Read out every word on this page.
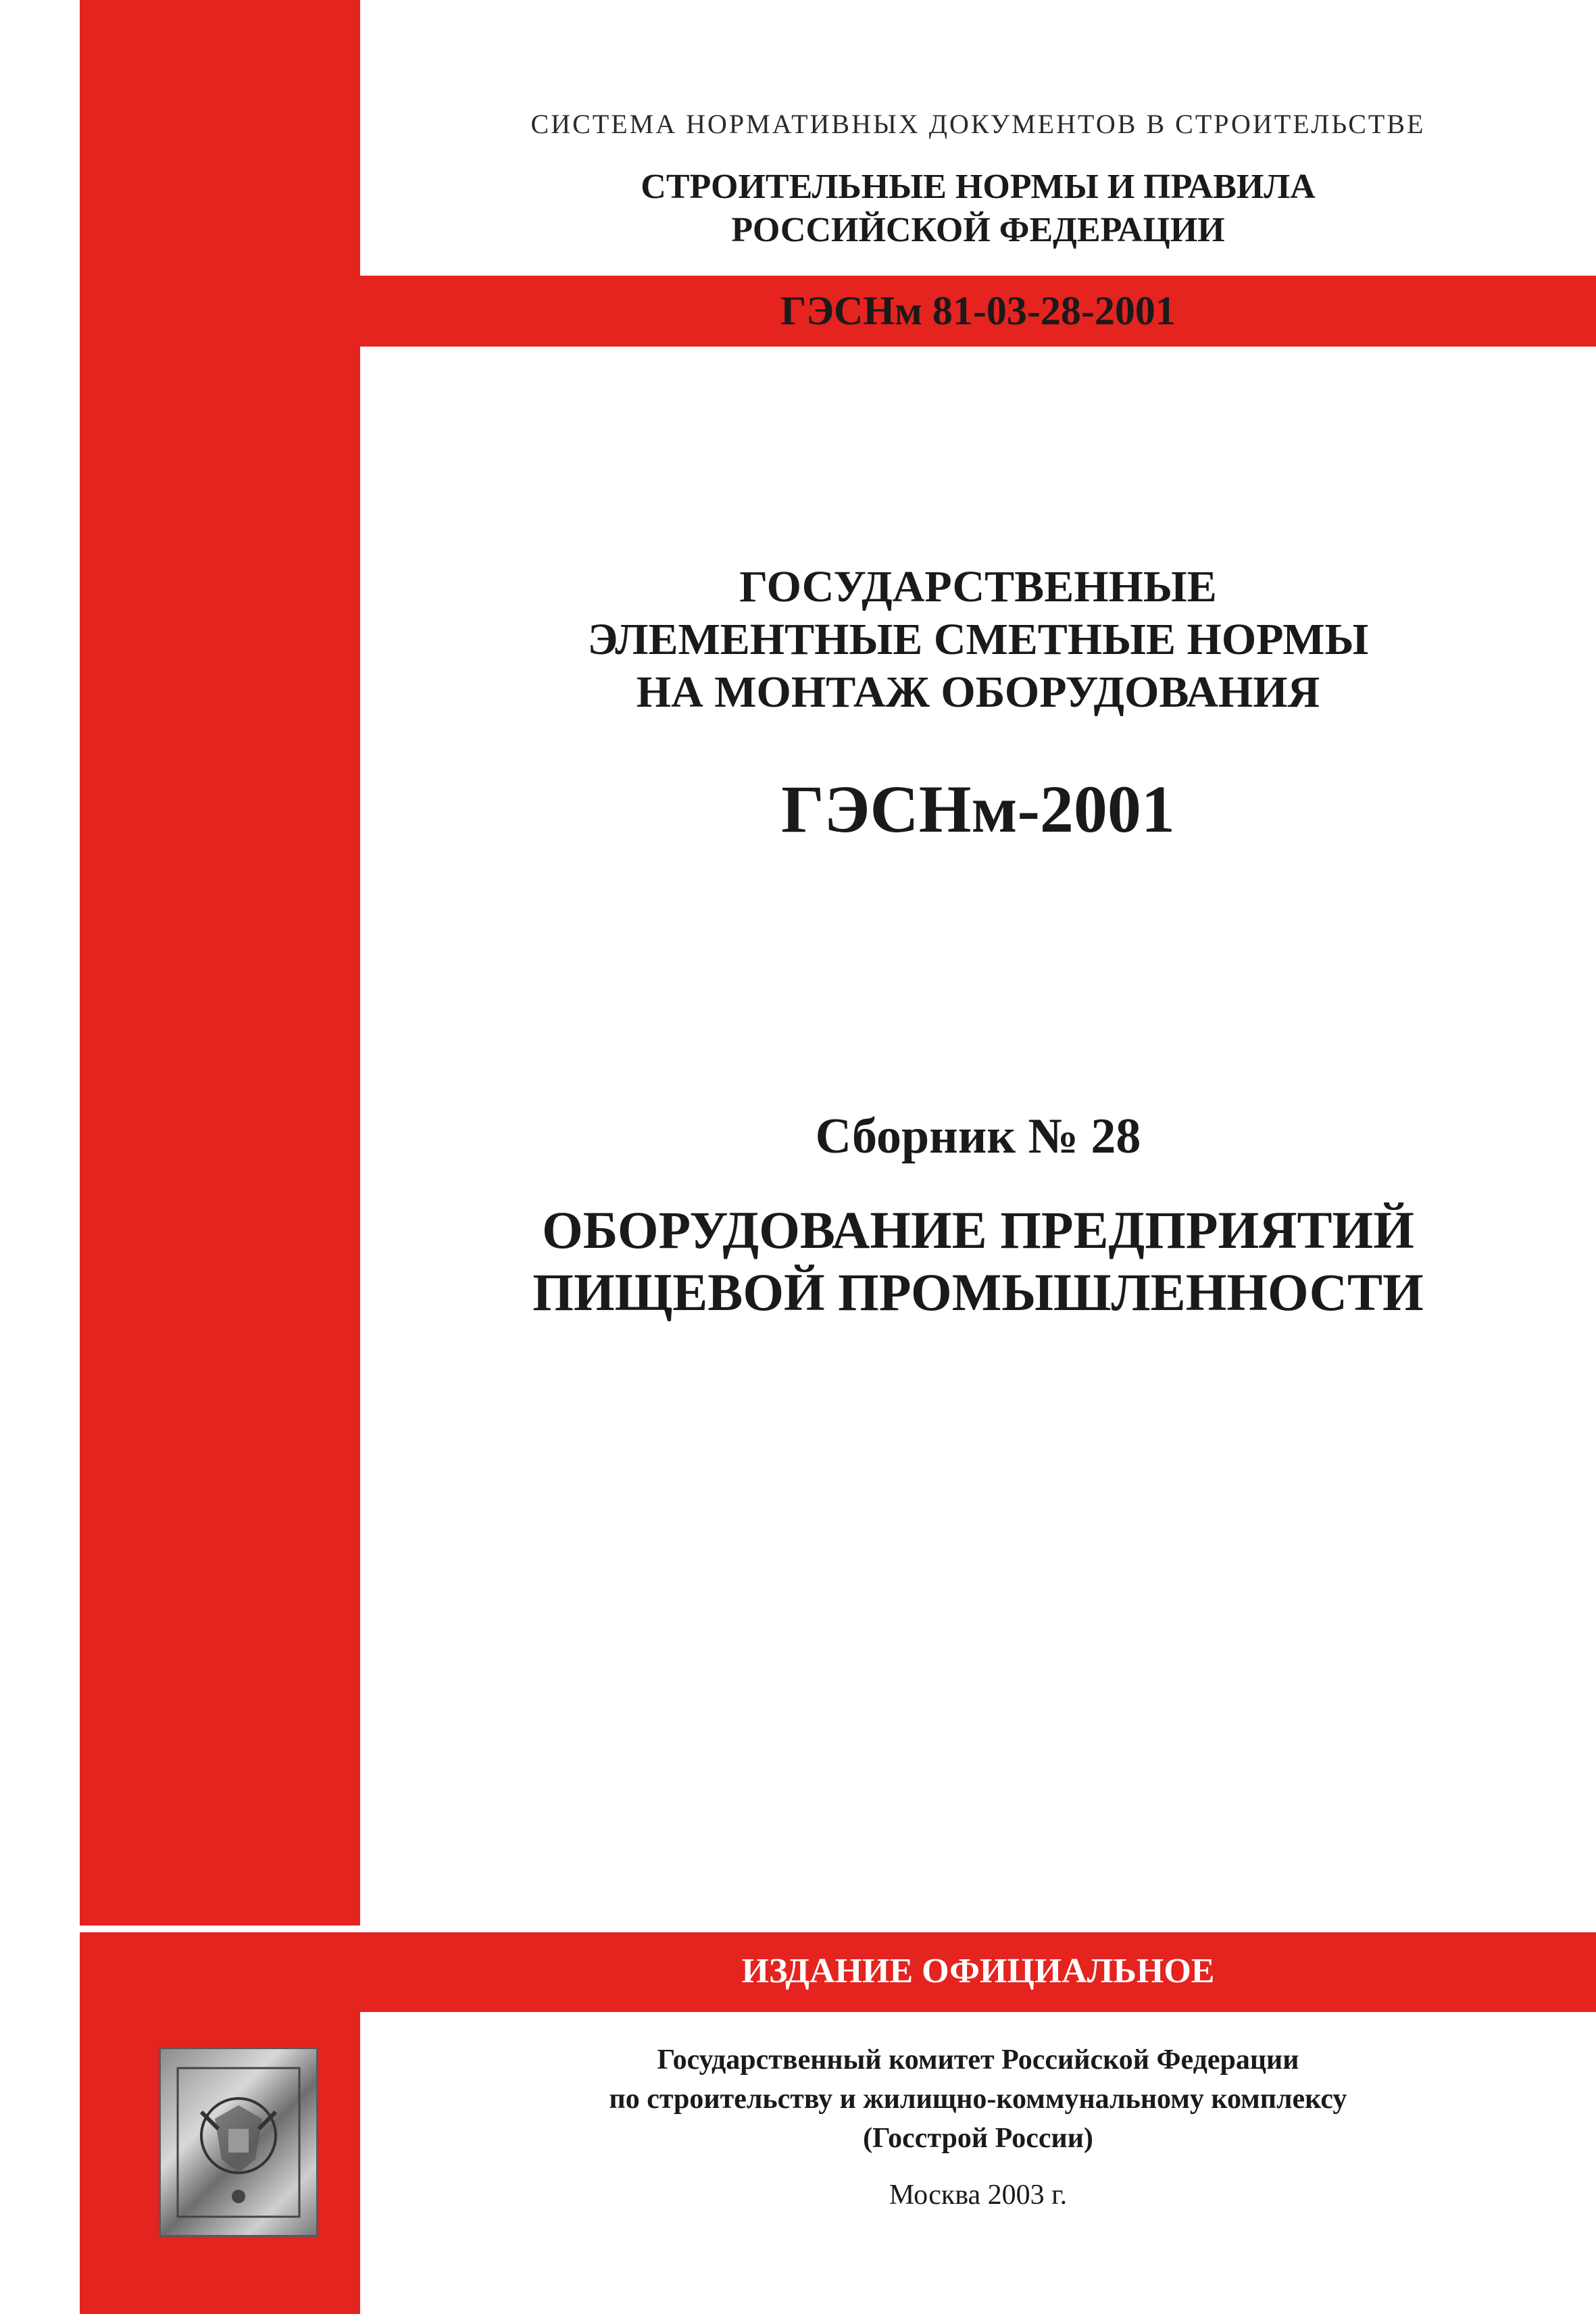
СИСТЕМА НОРМАТИВНЫХ ДОКУМЕНТОВ В СТРОИТЕЛЬСТВЕ
СТРОИТЕЛЬНЫЕ НОРМЫ И ПРАВИЛА
РОССИЙСКОЙ ФЕДЕРАЦИИ
ГЭСНм 81-03-28-2001
ГОСУДАРСТВЕННЫЕ
ЭЛЕМЕНТНЫЕ СМЕТНЫЕ НОРМЫ
НА МОНТАЖ ОБОРУДОВАНИЯ
ГЭСНм-2001
Сборник № 28
ОБОРУДОВАНИЕ ПРЕДПРИЯТИЙ
ПИЩЕВОЙ ПРОМЫШЛЕННОСТИ
ИЗДАНИЕ ОФИЦИАЛЬНОЕ
Государственный комитет Российской Федерации
по строительству и жилищно-коммунальному комплексу
(Госстрой России)
Москва 2003 г.
